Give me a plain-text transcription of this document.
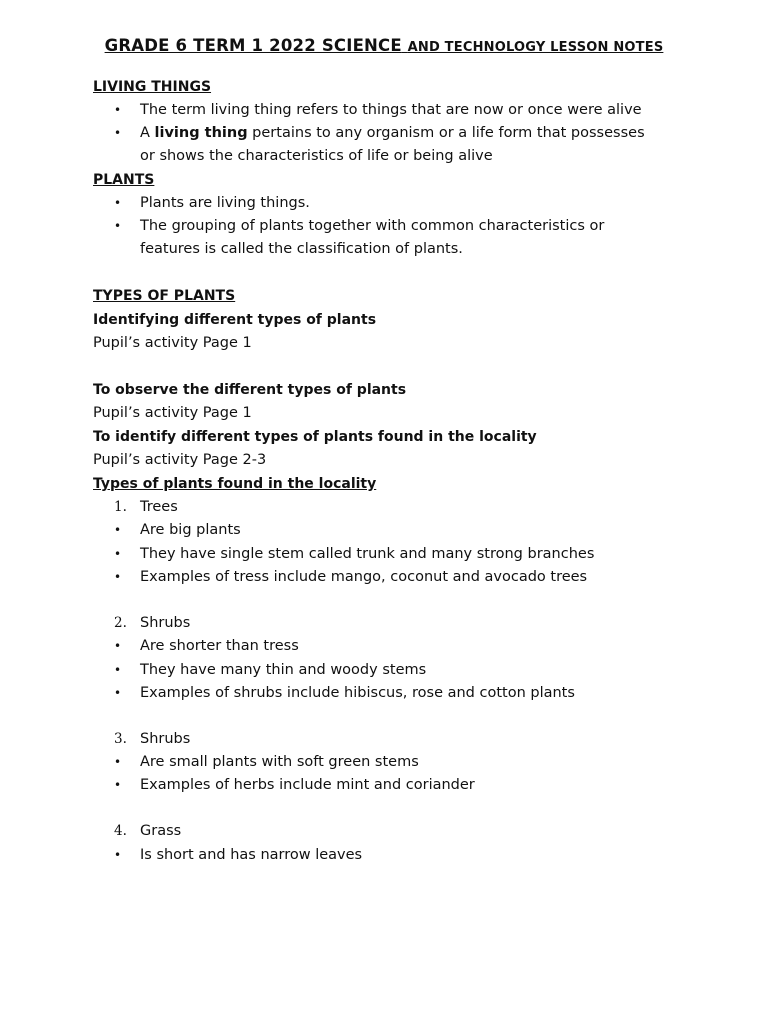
GRADE 6 TERM 1 2022 SCIENCE AND TECHNOLOGY LESSON NOTES
LIVING THINGS
•	The term living thing refers to things that are now or once were alive
•	A living thing pertains to any organism or a life form that possesses
or shows the characteristics of life or being alive
PLANTS
•	Plants are living things.
•	The grouping of plants together with common characteristics or
features is called the classification of plants.
TYPES OF PLANTS
Identifying different types of plants
Pupil’s activity Page 1
To observe the different types of plants
Pupil’s activity Page 1
To identify different types of plants found in the locality
Pupil’s activity Page 2-3
Types of plants found in the locality
1. Trees
•	Are big plants
•	They have single stem called trunk and many strong branches
•	Examples of tress include mango, coconut and avocado trees
2. Shrubs
•	Are shorter than tress
•	They have many thin and woody stems
•	Examples of shrubs include hibiscus, rose and cotton plants
3. Shrubs
•	Are small plants with soft green stems
•	Examples of herbs include mint and coriander
4. Grass
•	Is short and has narrow leaves
